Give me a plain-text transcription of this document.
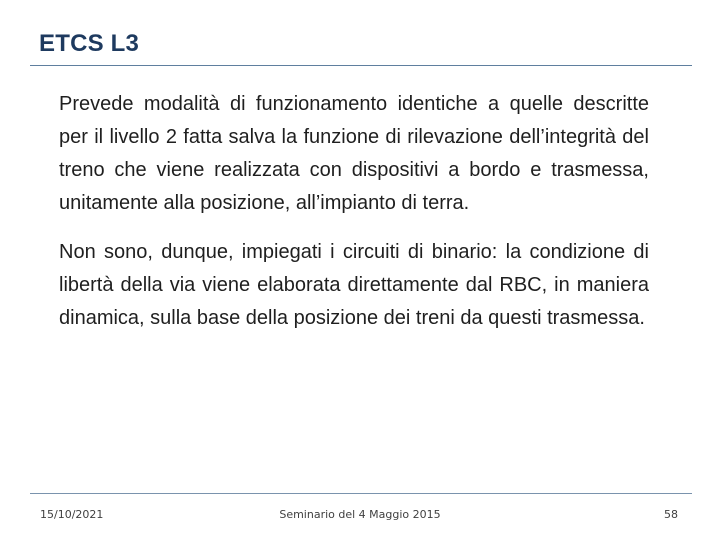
ETCS L3

Prevede modalità di funzionamento identiche a quelle descritte per il livello 2 fatta salva la funzione di rilevazione dell’integrità del treno che viene realizzata con dispositivi a bordo e trasmessa, unitamente alla posizione, all’impianto di terra.

Non sono, dunque, impiegati i circuiti di binario: la condizione di libertà della via viene elaborata direttamente dal RBC, in maniera dinamica, sulla base della posizione dei treni da questi trasmessa.

15/10/2021	Seminario del 4 Maggio 2015	58
